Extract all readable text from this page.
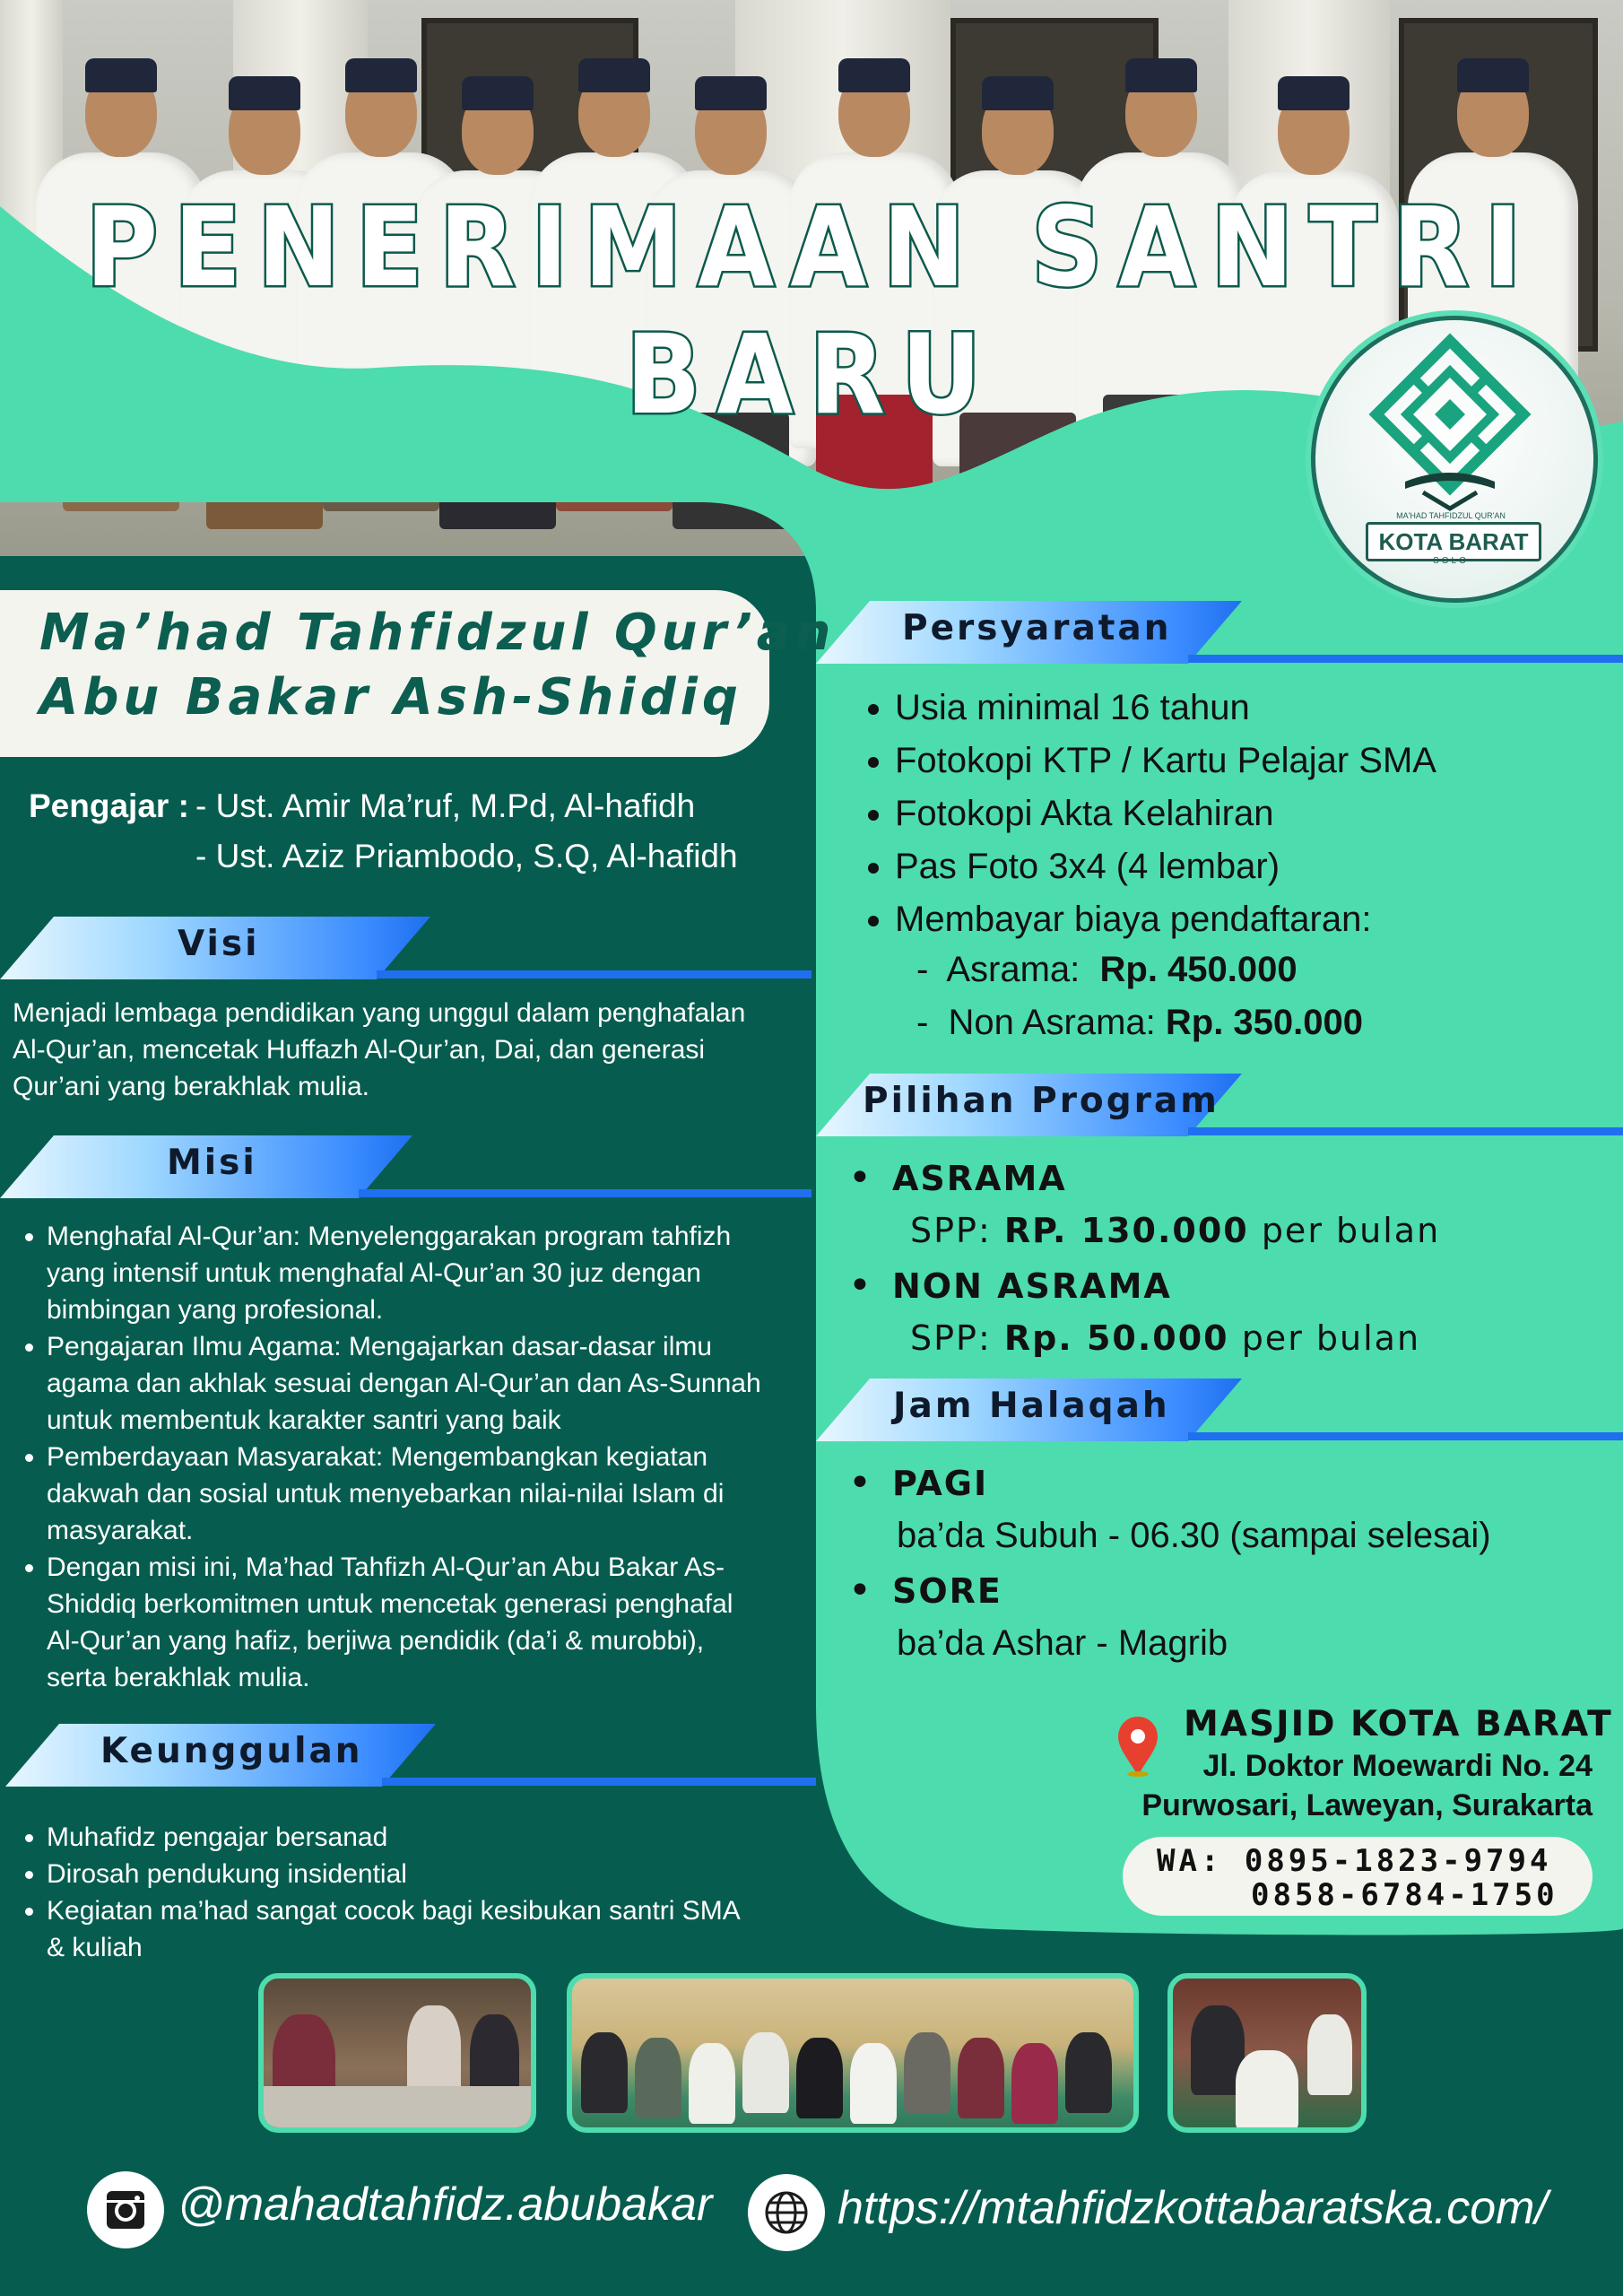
PENERIMAAN SANTRI BARU
MA'HAD TAHFIDZUL QUR'AN
KOTA BARAT
SOLO
Ma’had Tahfidzul Qur’an
Abu Bakar Ash-Shidiq
Pengajar : - Ust. Amir Ma’ruf, M.Pd, Al-hafidh
- Ust. Aziz Priambodo, S.Q, Al-hafidh
Visi
Menjadi lembaga pendidikan yang unggul dalam penghafalan
Al-Qur’an, mencetak Huffazh Al-Qur’an, Dai, dan generasi
Qur’ani yang berakhlak mulia.
Misi
• Menghafal Al-Qur’an: Menyelenggarakan program tahfizh
yang intensif untuk menghafal Al-Qur’an 30 juz dengan
bimbingan yang profesional.
• Pengajaran Ilmu Agama: Mengajarkan dasar-dasar ilmu
agama dan akhlak sesuai dengan Al-Qur’an dan As-Sunnah
untuk membentuk karakter santri yang baik
• Pemberdayaan Masyarakat: Mengembangkan kegiatan
dakwah dan sosial untuk menyebarkan nilai-nilai Islam di
masyarakat.
• Dengan misi ini, Ma’had Tahfizh Al-Qur’an Abu Bakar As-
Shiddiq berkomitmen untuk mencetak generasi penghafal
Al-Qur’an yang hafiz, berjiwa pendidik (da’i & murobbi),
serta berakhlak mulia.
Keunggulan
• Muhafidz pengajar bersanad
• Dirosah pendukung insidential
• Kegiatan ma’had sangat cocok bagi kesibukan santri SMA
& kuliah
Persyaratan
• Usia minimal 16 tahun
• Fotokopi KTP / Kartu Pelajar SMA
• Fotokopi Akta Kelahiran
• Pas Foto 3x4 (4 lembar)
• Membayar biaya pendaftaran:
-  Asrama:  Rp. 450.000
-  Non Asrama: Rp. 350.000
Pilihan Program
• ASRAMA
SPP: RP. 130.000 per bulan
• NON ASRAMA
SPP: Rp. 50.000 per bulan
Jam Halaqah
• PAGI
ba’da Subuh - 06.30 (sampai selesai)
• SORE
ba’da Ashar - Magrib
MASJID KOTA BARAT
Jl. Doktor Moewardi No. 24
Purwosari, Laweyan, Surakarta
WA: 0895-1823-9794
0858-6784-1750
@mahadtahfidz.abubakar	https://mtahfidzkottabaratska.com/
